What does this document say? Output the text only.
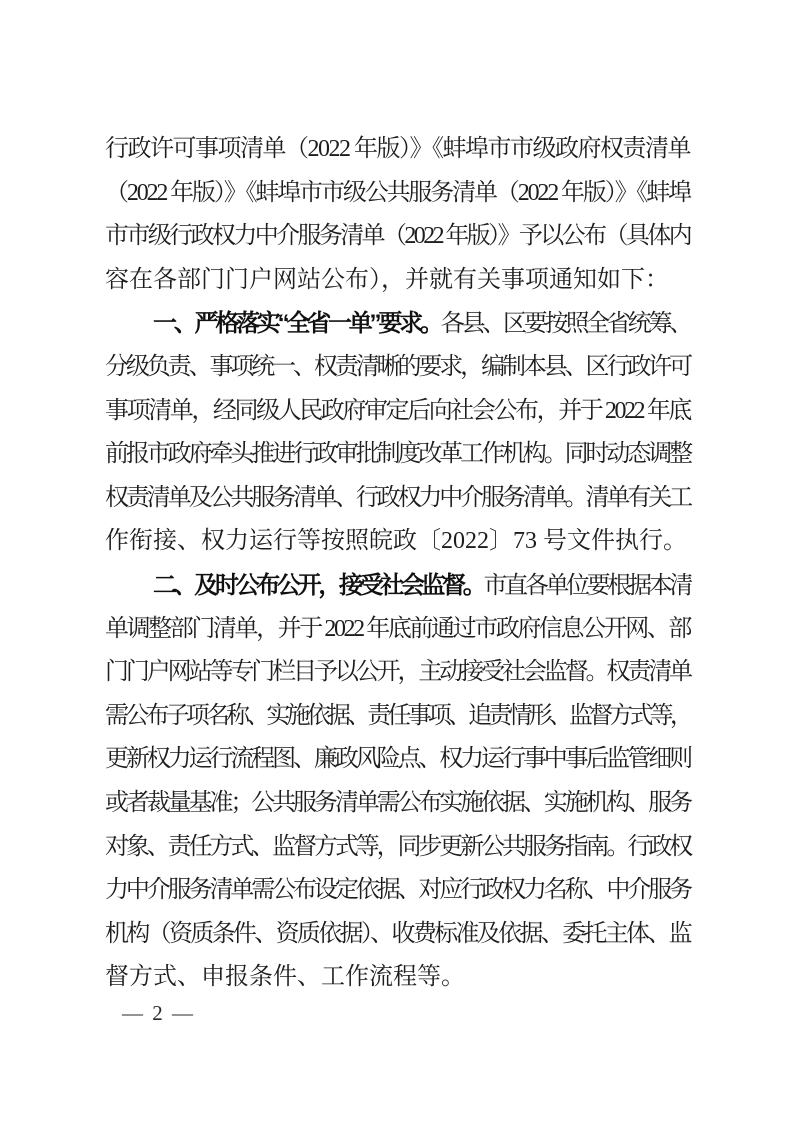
行政许可事项清单（2022 年版）》《蚌埠市市级政府权责清单

（2022 年版）》《蚌埠市市级公共服务清单（2022 年版）》《蚌埠

市市级行政权力中介服务清单（2022 年版）》予以公布（具体内

容在各部门门户网站公布），并就有关事项通知如下：

一、严格落实“全省一单”要求。各县、区要按照全省统筹、

分级负责、事项统一、权责清晰的要求，编制本县、区行政许可

事项清单，经同级人民政府审定后向社会公布，并于 2022 年底

前报市政府牵头推进行政审批制度改革工作机构。同时动态调整

权责清单及公共服务清单、行政权力中介服务清单。清单有关工

作衔接、权力运行等按照皖政〔2022〕73 号文件执行。

二、及时公布公开，接受社会监督。市直各单位要根据本清

单调整部门清单，并于 2022 年底前通过市政府信息公开网、部

门门户网站等专门栏目予以公开，主动接受社会监督。权责清单

需公布子项名称、实施依据、责任事项、追责情形、监督方式等，

更新权力运行流程图、廉政风险点、权力运行事中事后监管细则

或者裁量基准；公共服务清单需公布实施依据、实施机构、服务

对象、责任方式、监督方式等，同步更新公共服务指南。行政权

力中介服务清单需公布设定依据、对应行政权力名称、中介服务

机构（资质条件、资质依据）、收费标准及依据、委托主体、监

督方式、申报条件、工作流程等。

— 2 —
